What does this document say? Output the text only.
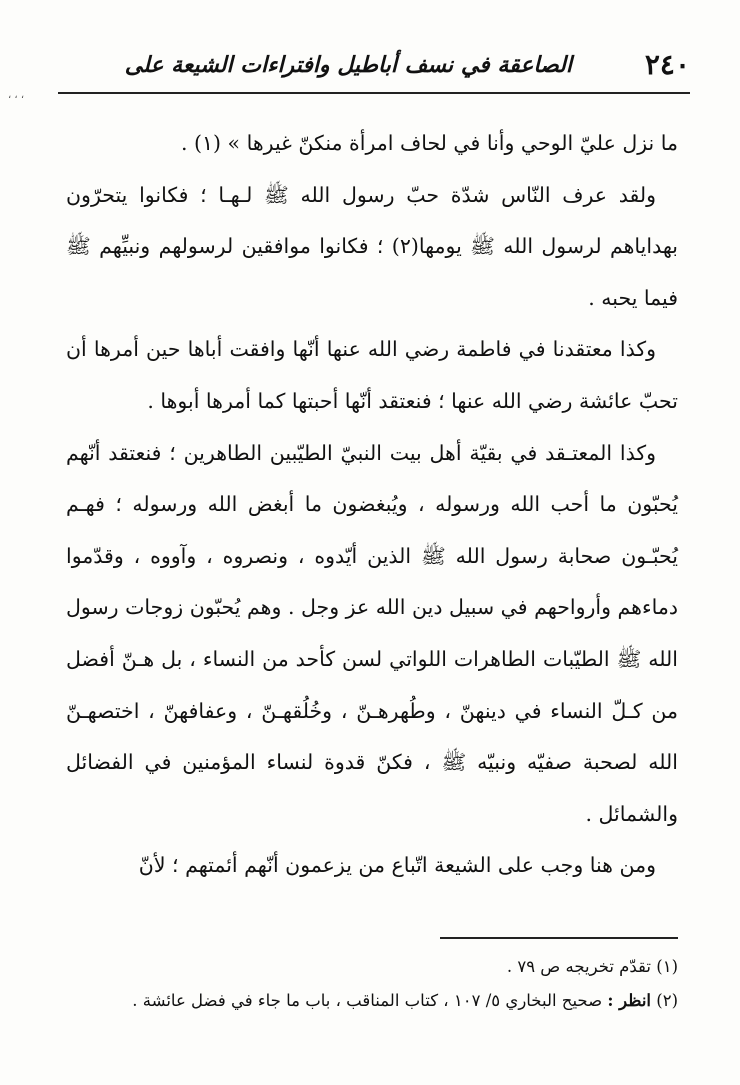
٢٤٠
الصاعقة في نسف أباطيل وافتراءات الشيعة على
، ، ،

ما نزل عليّ الوحي وأنا في لحاف امرأة منكنّ غيرها » (١) .

ولقد عرف النّاس شدّة حبّ رسول الله ﷺ لـهـا ؛ فكانوا يتحرّون بهداياهم لرسول الله ﷺ يومها(٢) ؛ فكانوا موافقين لرسولهم ونبيِّهم ﷺ فيما يحبه .

وكذا معتقدنا في فاطمة رضي الله عنها أنّها وافقت أباها حين أمرها أن تحبّ عائشة رضي الله عنها ؛ فنعتقد أنّها أحبتها كما أمرها أبوها .

وكذا المعتـقد في بقيّة أهل بيت النبيّ الطيّبين الطاهرين ؛ فنعتقد أنّهم يُحبّون ما أحب الله ورسوله ، ويُبغضون ما أبغض الله ورسوله ؛ فهـم يُحبّـون صحابة رسول الله ﷺ الذين أيّدوه ، ونصروه ، وآووه ، وقدّموا دماءهم وأرواحهم في سبيل دين الله عز وجل . وهم يُحبّون زوجات رسول الله ﷺ الطيّبات الطاهرات اللواتي لسن كأحد من النساء ، بل هـنّ أفضل من كـلّ النساء في دينهنّ ، وطُهرهـنّ ، وخُلُقهـنّ ، وعفافهنّ ، اختصهـنّ الله لصحبة صفيّه ونبيّه ﷺ ، فكنّ قدوة لنساء المؤمنين في الفضائل والشمائل .

ومن هنا وجب على الشيعة اتّباع من يزعمون أنّهم أئمتهم ؛ لأنّ

(١) تقدّم تخريجه ص ٧٩ .

(٢) انظر : صحيح البخاري ٥/ ١٠٧ ، كتاب المناقب ، باب ما جاء في فضل عائشة .
